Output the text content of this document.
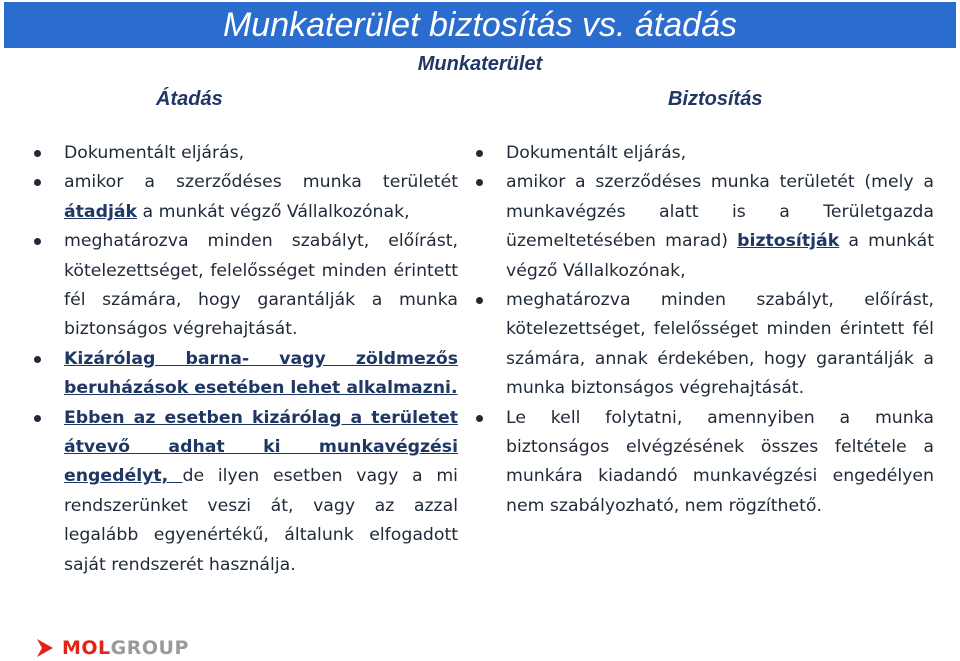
Munkaterület biztosítás vs. átadás
Munkaterület
Átadás	Biztosítás
Dokumentált eljárás,
amikor a szerződéses munka területét átadják a munkát végző Vállalkozónak,
meghatározva minden szabályt, előírást, kötelezettséget, felelősséget minden érintett fél számára, hogy garantálják a munka biztonságos végrehajtását.
Kizárólag barna- vagy zöldmezős beruházások esetében lehet alkalmazni.
Ebben az esetben kizárólag a területet átvevő adhat ki munkavégzési engedélyt, de ilyen esetben vagy a mi rendszerünket veszi át, vagy az azzal legalább egyenértékű, általunk elfogadott saját rendszerét használja.
Dokumentált eljárás,
amikor a szerződéses munka területét (mely a munkavégzés alatt is a Területgazda üzemeltetésében marad) biztosítják a munkát végző Vállalkozónak,
meghatározva minden szabályt, előírást, kötelezettséget, felelősséget minden érintett fél számára, annak érdekében, hogy garantálják a munka biztonságos végrehajtását.
Le kell folytatni, amennyiben a munka biztonságos elvégzésének összes feltétele a munkára kiadandó munkavégzési engedélyen nem szabályozható, nem rögzíthető.
MOLGROUP
